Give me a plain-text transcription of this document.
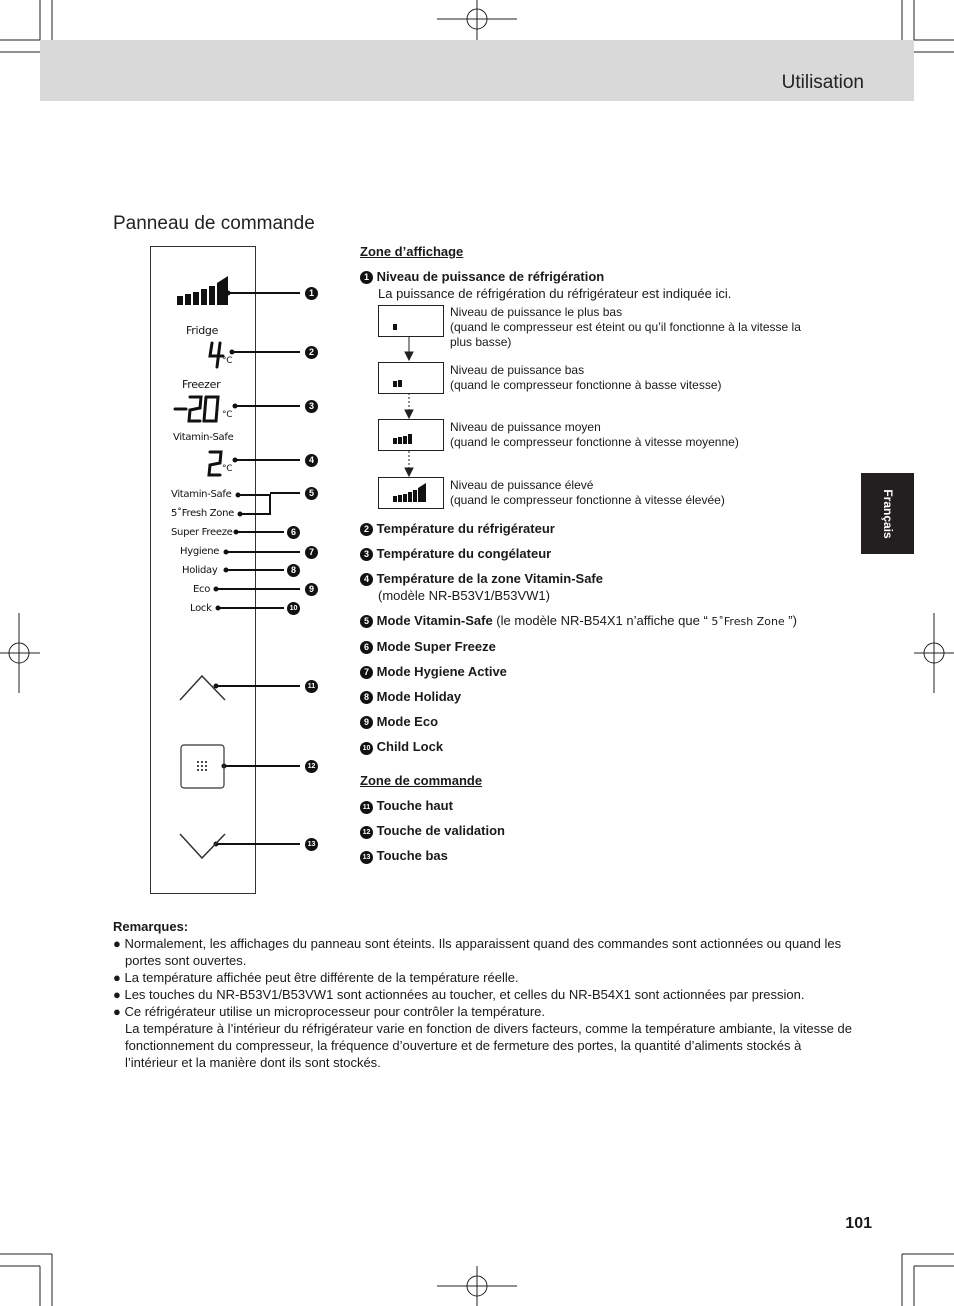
Utilisation
Panneau de commande
Français
Fridge
°C
Freezer
°C
Vitamin-Safe
°C
Vitamin-Safe
5˚Fresh Zone
Super Freeze
Hygiene
Holiday
Eco
Lock
1
2
3
4
5
6
7
8
9
10
11
12
13
Zone d’affichage
1 Niveau de puissance de réfrigération
La puissance de réfrigération du réfrigérateur est indiquée ici.
Niveau de puissance le plus bas
(quand le compresseur est éteint ou qu’il fonctionne à la vitesse la
plus basse)
Niveau de puissance bas
(quand le compresseur fonctionne à basse vitesse)
Niveau de puissance moyen
(quand le compresseur fonctionne à vitesse moyenne)
Niveau de puissance élevé
(quand le compresseur fonctionne à vitesse élevée)
2 Température du réfrigérateur
3 Température du congélateur
4 Température de la zone Vitamin-Safe
(modèle NR-B53V1/B53VW1)
5 Mode Vitamin-Safe (le modèle NR-B54X1 n’affiche que “ 5˚Fresh Zone ”)
6 Mode Super Freeze
7 Mode Hygiene Active
8 Mode Holiday
9 Mode Eco
10 Child Lock
Zone de commande
11 Touche haut
12 Touche de validation
13 Touche bas

Remarques:

● Normalement, les affichages du panneau sont éteints. Ils apparaissent quand des commandes sont actionnées ou quand les portes sont ouvertes.

● La température affichée peut être différente de la température réelle.

● Les touches du NR-B53V1/B53VW1 sont actionnées au toucher, et celles du NR-B54X1 sont actionnées par pression.

● Ce réfrigérateur utilise un microprocesseur pour contrôler la température.

La température à l’intérieur du réfrigérateur varie en fonction de divers facteurs, comme la température ambiante, la vitesse de fonctionnement du compresseur, la fréquence d’ouverture et de fermeture des portes, la quantité d’aliments stockés à l’intérieur et la manière dont ils sont stockés.

101
